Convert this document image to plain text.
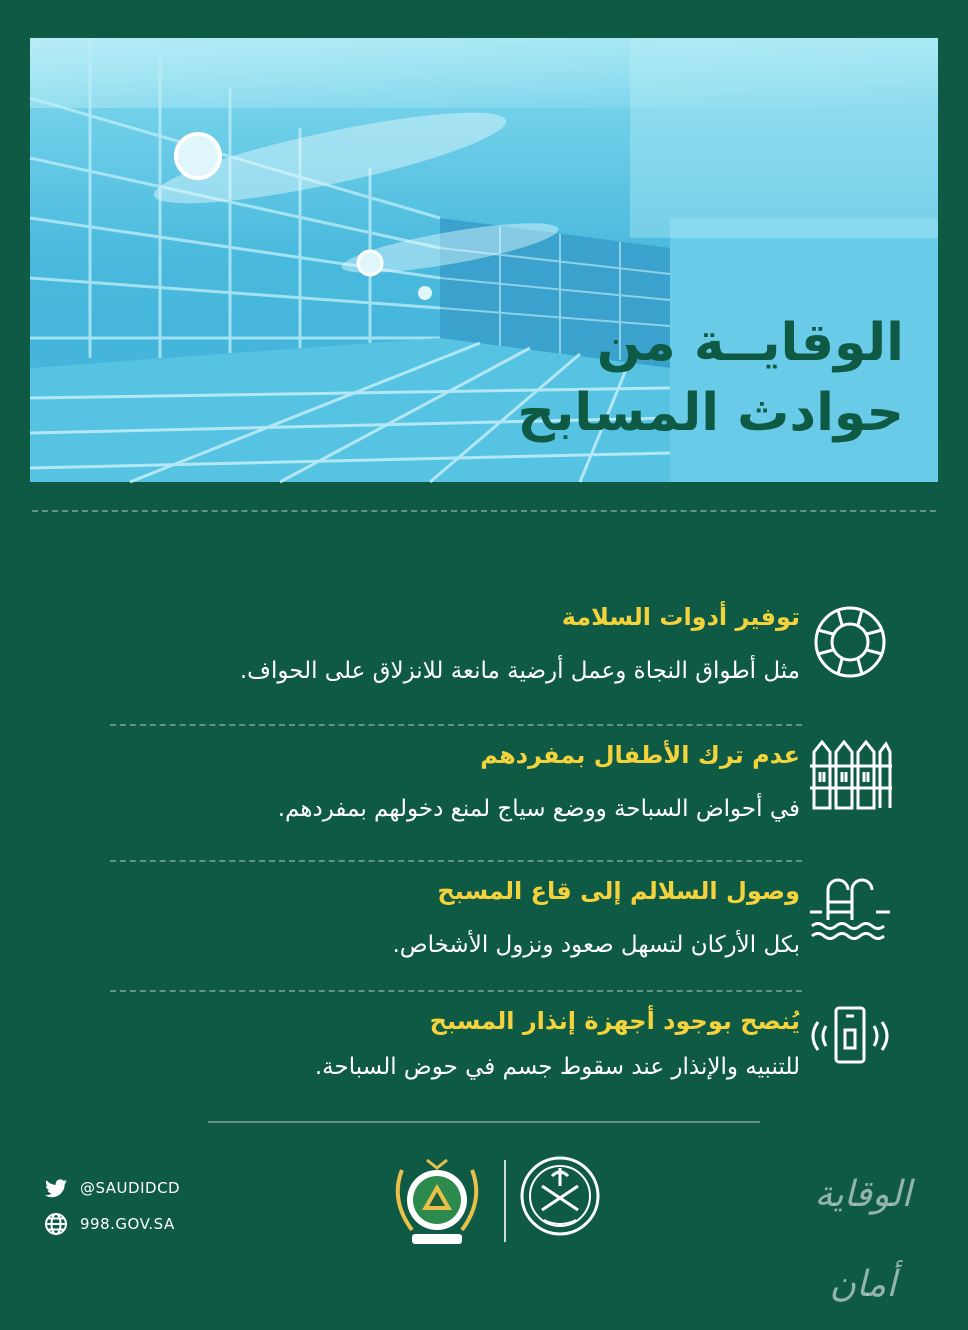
الوقايــة من
حوادث المسابح
توفير أدوات السلامة
مثل أطواق النجاة وعمل أرضية مانعة للانزلاق على الحواف.
عدم ترك الأطفال بمفردهم
في أحواض السباحة ووضع سياج لمنع دخولهم بمفردهم.
وصول السلالم إلى قاع المسبح
بكل الأركان لتسهل صعود ونزول الأشخاص.
يُنصح بوجود أجهزة إنذار المسبح
للتنبيه والإنذار عند سقوط جسم في حوض السباحة.
@SAUDIDCD
998.GOV.SA
الوقاية أمان
